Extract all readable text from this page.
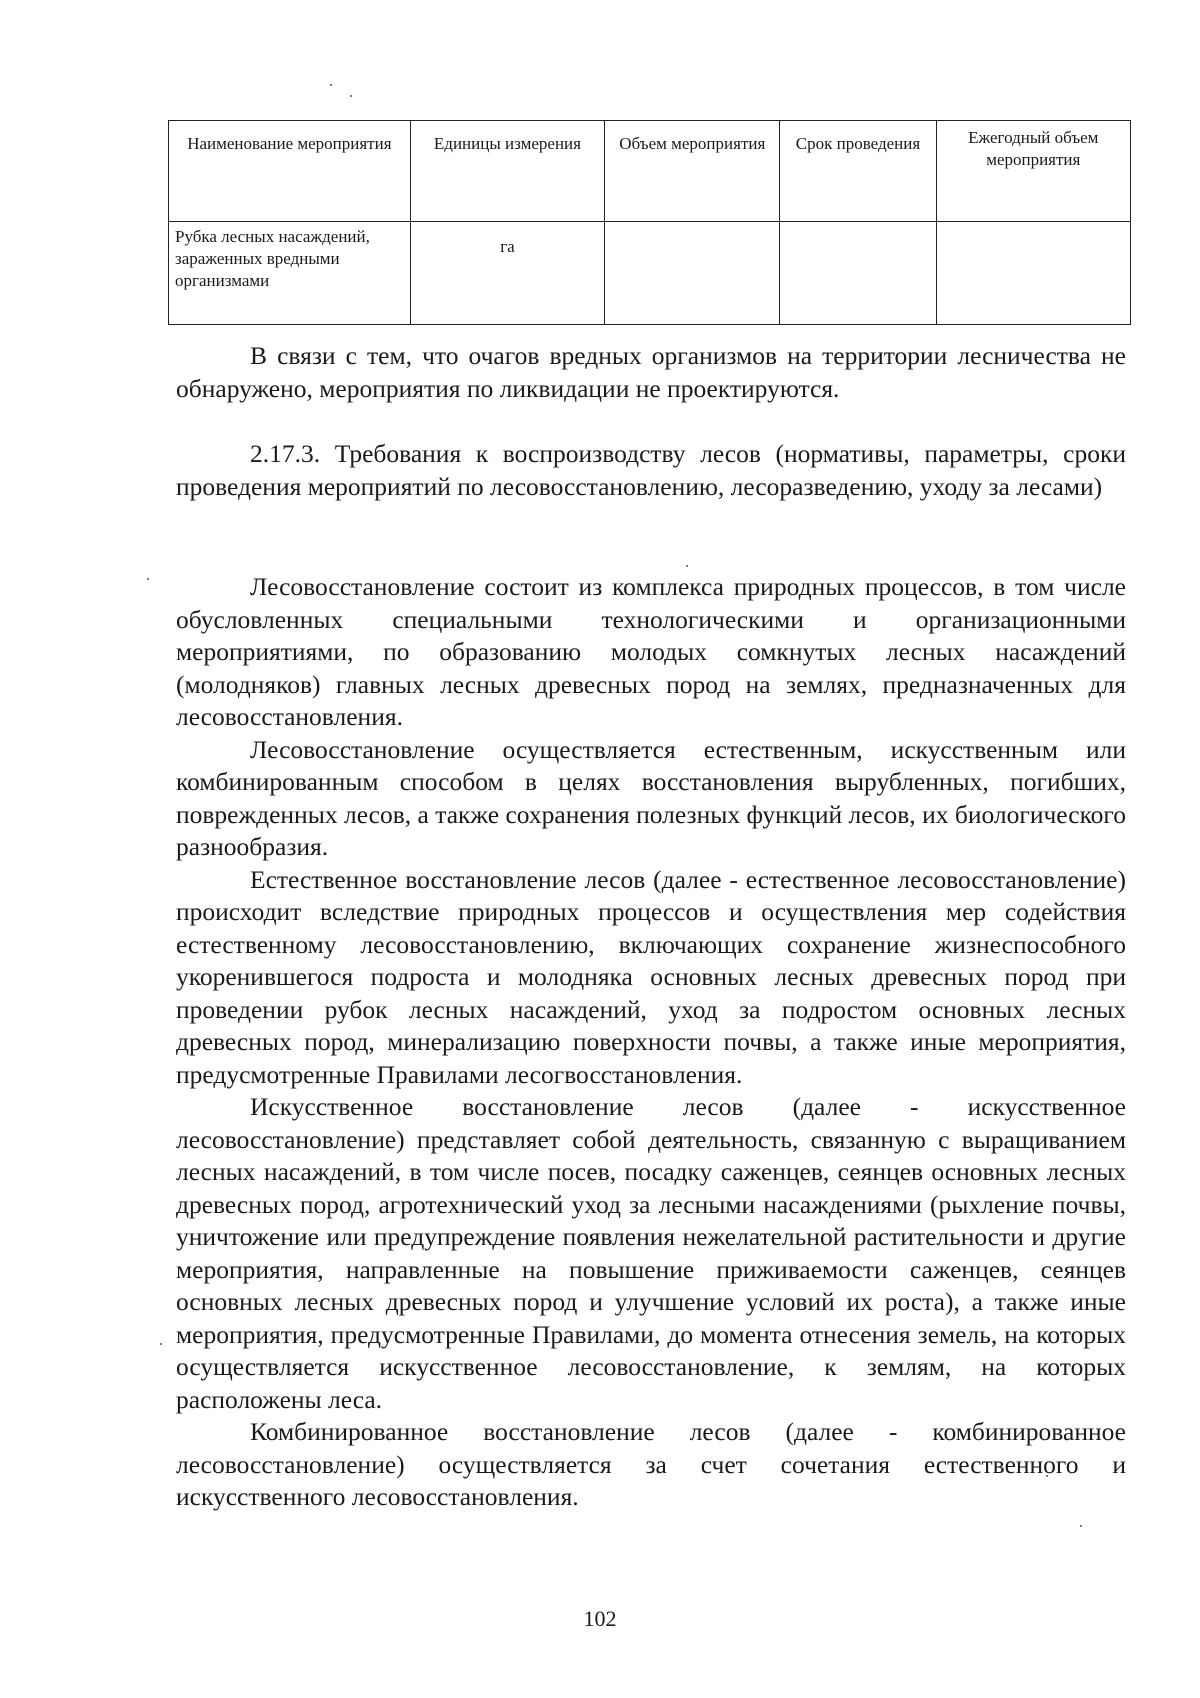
Наименование мероприятия	Единицы измерения	Объем мероприятия	Срок проведения	Ежегодный объем мероприятия
Рубка лесных насаждений, зараженных вредными организмами	га			

В связи с тем, что очагов вредных организмов на территории лесничества не обнаружено, мероприятия по ликвидации не проектируются.

2.17.3. Требования к воспроизводству лесов (нормативы, параметры, сроки проведения мероприятий по лесовосстановлению, лесоразведению, уходу за лесами)

Лесовосстановление состоит из комплекса природных процессов, в том числе обусловленных специальными технологическими и организационными мероприятиями, по образованию молодых сомкнутых лесных насаждений (молодняков) главных лесных древесных пород на землях, предназначенных для лесовосстановления.

Лесовосстановление осуществляется естественным, искусственным или комбинированным способом в целях восстановления вырубленных, погибших, поврежденных лесов, а также сохранения полезных функций лесов, их биологического разнообразия.

Естественное восстановление лесов (далее - естественное лесовосстановление) происходит вследствие природных процессов и осуществления мер содействия естественному лесовосстановлению, включающих сохранение жизнеспособного укоренившегося подроста и молодняка основных лесных древесных пород при проведении рубок лесных насаждений, уход за подростом основных лесных древесных пород, минерализацию поверхности почвы, а также иные мероприятия, предусмотренные Правилами лесогвосстановления.

Искусственное восстановление лесов (далее - искусственное лесовосстановление) представляет собой деятельность, связанную с выращиванием лесных насаждений, в том числе посев, посадку саженцев, сеянцев основных лесных древесных пород, агротехнический уход за лесными насаждениями (рыхление почвы, уничтожение или предупреждение появления нежелательной растительности и другие мероприятия, направленные на повышение приживаемости саженцев, сеянцев основных лесных древесных пород и улучшение условий их роста), а также иные мероприятия, предусмотренные Правилами, до момента отнесения земель, на которых осуществляется искусственное лесовосстановление, к землям, на которых расположены леса.

Комбинированное восстановление лесов (далее - комбинированное лесовосстановление) осуществляется за счет сочетания естественного и искусственного лесовосстановления.

102
